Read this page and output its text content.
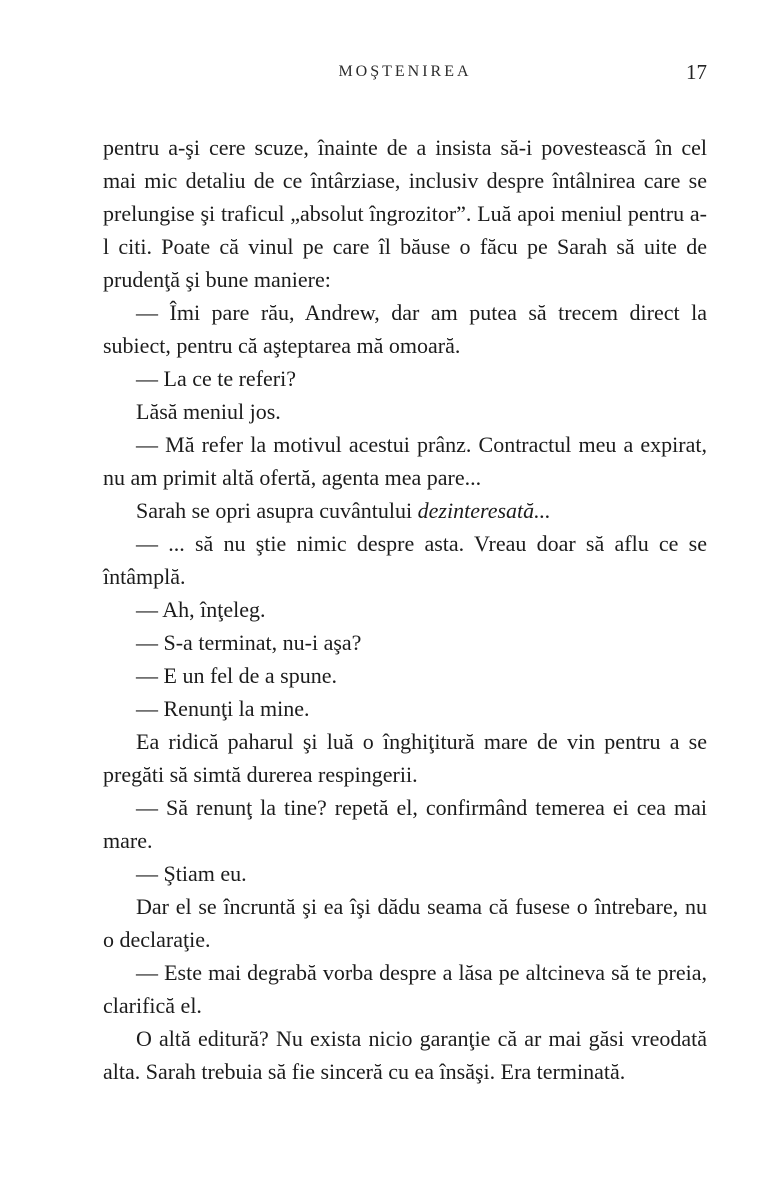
MOŞTENIREA	17

pentru a-şi cere scuze, înainte de a insista să-i povestească în cel mai mic detaliu de ce întârziase, inclusiv despre întâlnirea care se prelungise şi traficul „absolut îngrozitor”. Luă apoi meniul pentru a-l citi. Poate că vinul pe care îl băuse o făcu pe Sarah să uite de prudenţă şi bune maniere:

— Îmi pare rău, Andrew, dar am putea să trecem direct la subiect, pentru că aşteptarea mă omoară.

— La ce te referi?

Lăsă meniul jos.

— Mă refer la motivul acestui prânz. Contractul meu a expirat, nu am primit altă ofertă, agenta mea pare...

Sarah se opri asupra cuvântului dezinteresată...

— ... să nu ştie nimic despre asta. Vreau doar să aflu ce se întâmplă.

— Ah, înţeleg.

— S-a terminat, nu-i aşa?

— E un fel de a spune.

— Renunţi la mine.

Ea ridică paharul şi luă o înghiţitură mare de vin pentru a se pregăti să simtă durerea respingerii.

— Să renunţ la tine? repetă el, confirmând temerea ei cea mai mare.

— Ştiam eu.

Dar el se încruntă şi ea îşi dădu seama că fusese o întrebare, nu o declaraţie.

— Este mai degrabă vorba despre a lăsa pe altcineva să te preia, clarifică el.

O altă editură? Nu exista nicio garanţie că ar mai găsi vreodată alta. Sarah trebuia să fie sinceră cu ea însăşi. Era terminată.
